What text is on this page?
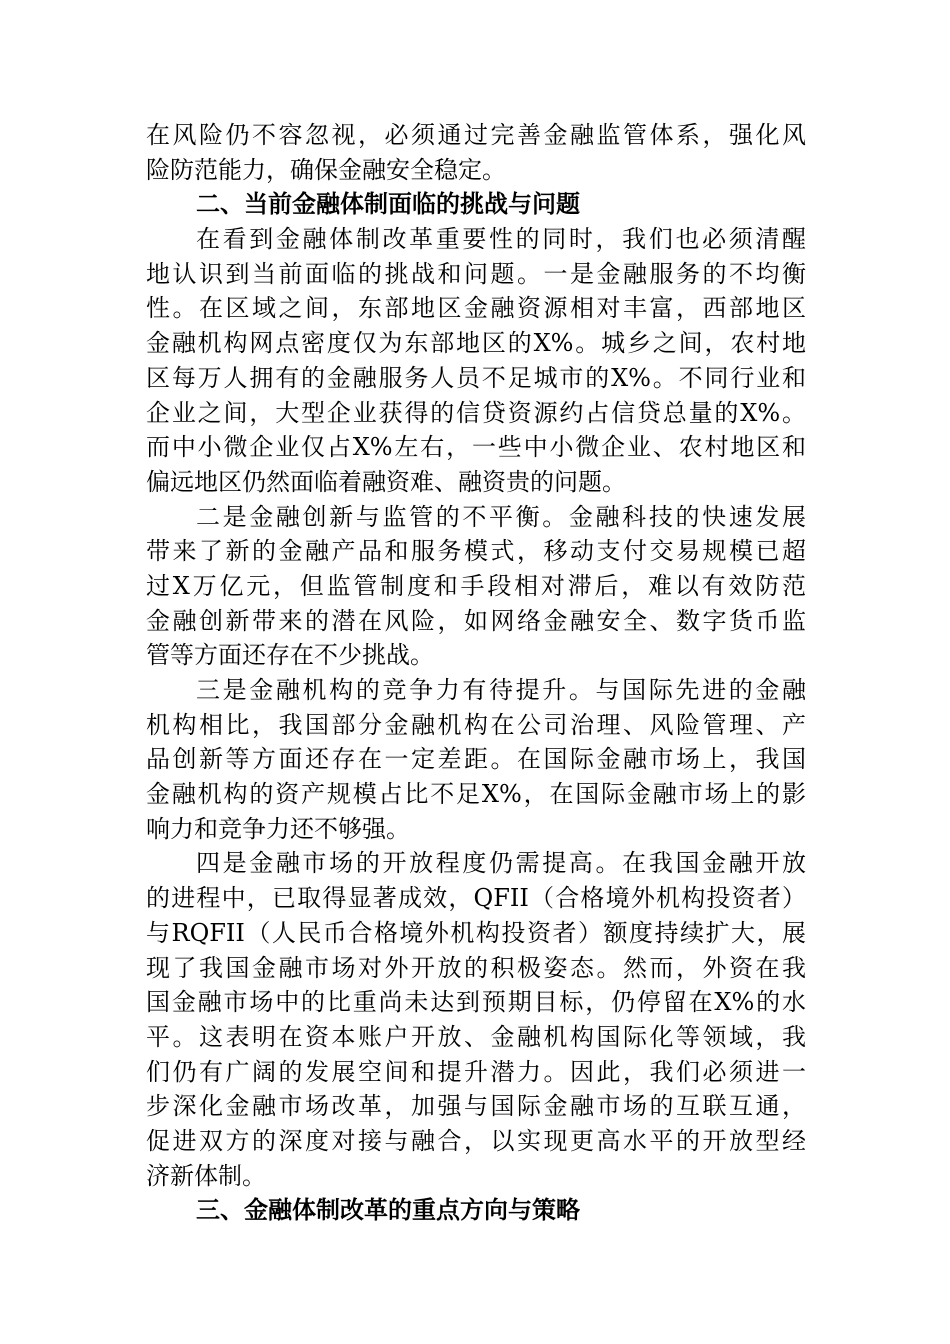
在风险仍不容忽视，必须通过完善金融监管体系，强化风
险防范能力，确保金融安全稳定。
二、当前金融体制面临的挑战与问题
在看到金融体制改革重要性的同时，我们也必须清醒
地认识到当前面临的挑战和问题。一是金融服务的不均衡
性。在区域之间，东部地区金融资源相对丰富，西部地区
金融机构网点密度仅为东部地区的X%。城乡之间，农村地
区每万人拥有的金融服务人员不足城市的X%。不同行业和
企业之间，大型企业获得的信贷资源约占信贷总量的X%。
而中小微企业仅占X%左右，一些中小微企业、农村地区和
偏远地区仍然面临着融资难、融资贵的问题。
二是金融创新与监管的不平衡。金融科技的快速发展
带来了新的金融产品和服务模式，移动支付交易规模已超
过X万亿元，但监管制度和手段相对滞后，难以有效防范
金融创新带来的潜在风险，如网络金融安全、数字货币监
管等方面还存在不少挑战。
三是金融机构的竞争力有待提升。与国际先进的金融
机构相比，我国部分金融机构在公司治理、风险管理、产
品创新等方面还存在一定差距。在国际金融市场上，我国
金融机构的资产规模占比不足X%，在国际金融市场上的影
响力和竞争力还不够强。
四是金融市场的开放程度仍需提高。在我国金融开放
的进程中，已取得显著成效，QFII（合格境外机构投资者）
与RQFII（人民币合格境外机构投资者）额度持续扩大，展
现了我国金融市场对外开放的积极姿态。然而，外资在我
国金融市场中的比重尚未达到预期目标，仍停留在X%的水
平。这表明在资本账户开放、金融机构国际化等领域，我
们仍有广阔的发展空间和提升潜力。因此，我们必须进一
步深化金融市场改革，加强与国际金融市场的互联互通，
促进双方的深度对接与融合，以实现更高水平的开放型经
济新体制。
三、金融体制改革的重点方向与策略
